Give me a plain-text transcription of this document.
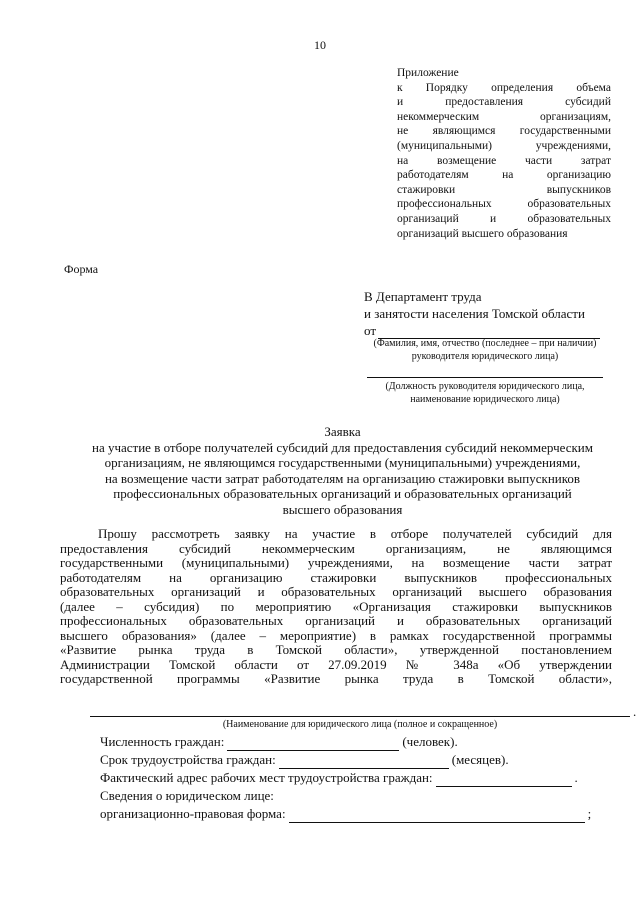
10
Приложение
к Порядку определения объема
и предоставления субсидий
некоммерческим организациям,
не являющимся государственными
(муниципальными) учреждениями,
на возмещение части затрат
работодателям на организацию
стажировки выпускников
профессиональных образовательных
организаций и образовательных
организаций высшего образования
Форма
В Департамент труда
и занятости населения Томской области
от
(Фамилия, имя, отчество (последнее – при наличии)
руководителя юридического лица)
(Должность руководителя юридического лица,
наименование юридического лица)
Заявка
на участие в отборе получателей субсидий для предоставления субсидий некоммерческим
организациям, не являющимся государственными (муниципальными) учреждениями,
на возмещение части затрат работодателям на организацию стажировки выпускников
профессиональных образовательных организаций и образовательных организаций
высшего образования
Прошу рассмотреть заявку на участие в отборе получателей субсидий для
предоставления субсидий некоммерческим организациям, не являющимся
государственными (муниципальными) учреждениями, на возмещение части затрат
работодателям на организацию стажировки выпускников профессиональных
образовательных организаций и образовательных организаций высшего образования
(далее – субсидия) по мероприятию «Организация стажировки выпускников
профессиональных образовательных организаций и образовательных организаций
высшего образования» (далее – мероприятие) в рамках государственной программы
«Развитие рынка труда в Томской области», утвержденной постановлением
Администрации Томской области от 27.09.2019 № 348а «Об утверждении
государственной программы «Развитие рынка труда в Томской области»,
.
(Наименование для юридического лица (полное и сокращенное)
Численность граждан:	(человек).
Срок трудоустройства граждан:	(месяцев).
Фактический адрес рабочих мест трудоустройства граждан:	.
Сведения о юридическом лице:
организационно-правовая форма:	;
